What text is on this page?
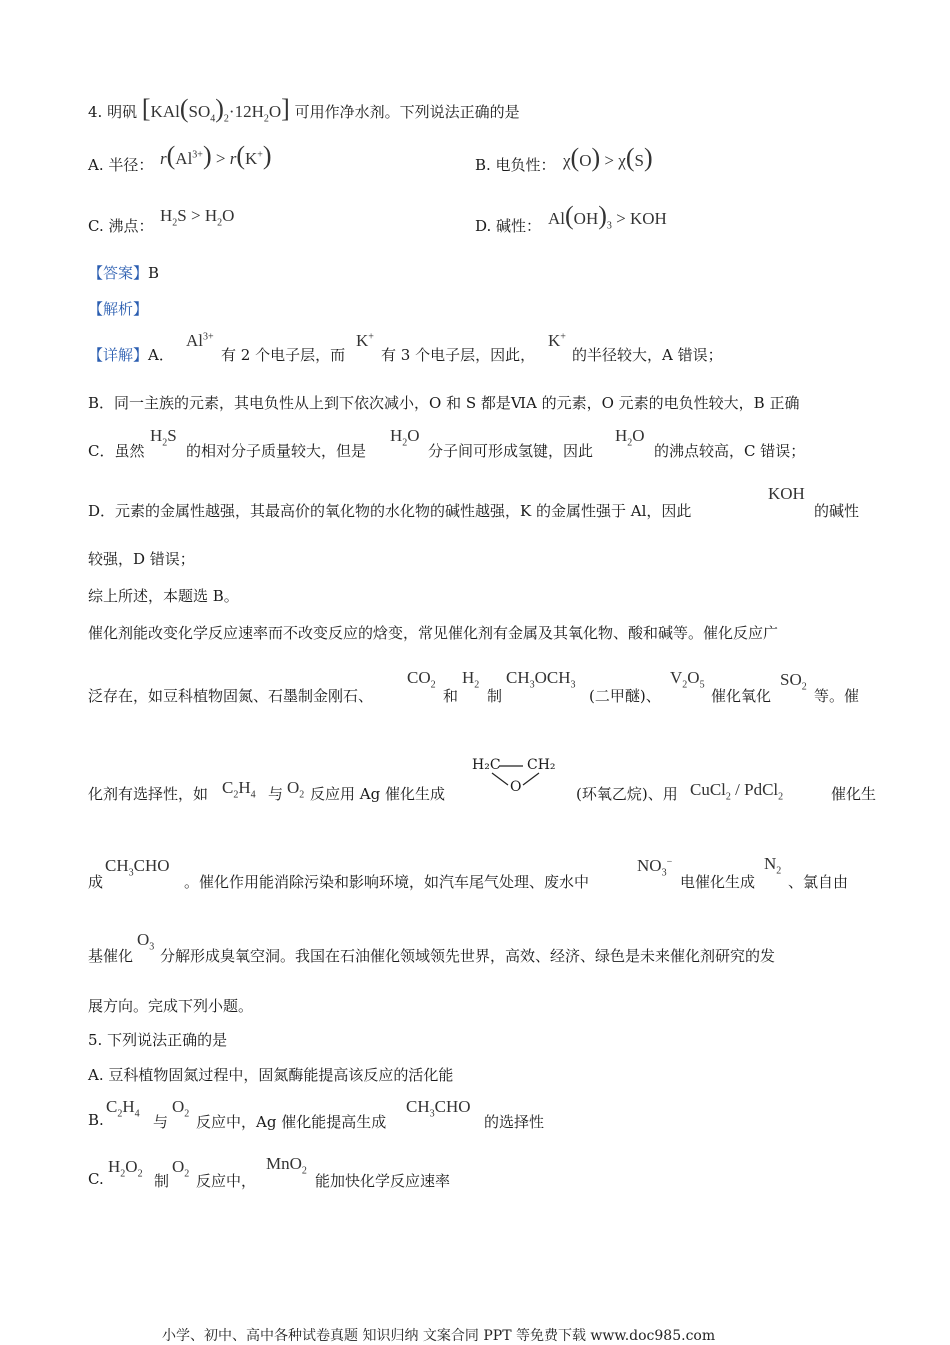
4. 明矾 $[KAl(SO_4)_2\cdot 12H_2O]$ 可用作净水剂。下列说法正确的是
A. 半径： $r(Al^{3+}) > r(K^+)$	B. 电负性： χ(O) > χ(S)
C. 沸点：
$H_2S > H_2O$
D. 碱性： $Al(OH)_3$ > KOH
【答案】B
【解析】
【详解】A．
$Al^{3+}$
有 2 个电子层，而
K+
有 3 个电子层，因此，
K+
的半径较大，A 错误；
B．同一主族的元素，其电负性从上到下依次减小，O 和 S 都是ⅥA 的元素，O 元素的电负性较大，B 正确
C．虽然
$H_2S$
的相对分子质量较大，但是
$H_2O$
分子间可形成氢键，因此
$H_2O$
的沸点较高，C 错误；
D．元素的金属性越强，其最高价的氧化物的水化物的碱性越强，K 的金属性强于 Al，因此
KOH
的碱性
较强，D 错误；
综上所述，本题选 B。
催化剂能改变化学反应速率而不改变反应的焓变，常见催化剂有金属及其氧化物、酸和碱等。催化反应广
泛存在，如豆科植物固氮、石墨制金刚石、
$CO_2$
和
$H_2$
制
$CH_3OCH_3$
(二甲醚)、
$V_2O_5$
催化氧化
$SO_2$
等。催
化剂有选择性，如 $C_2H_4$ 与 $O_2$ 反应用 Ag 催化生成
H₂C CH₂
O	(环氧乙烷)、用 CuCl$_2$ / PdCl$_2$	催化生
成
$CH_3CHO$
。催化作用能消除污染和影响环境，如汽车尾气处理、废水中
$NO_3^-$
电催化生成
$N_2$
、氯自由
基催化
$O_3$
分解形成臭氧空洞。我国在石油催化领域领先世界，高效、经济、绿色是未来催化剂研究的发
展方向。完成下列小题。
5. 下列说法正确的是
A. 豆科植物固氮过程中，固氮酶能提高该反应的活化能
B.
$C_2H_4$ 与
$O_2$ 反应中，Ag 催化能提高生成
$CH_3CHO$
的选择性
C.
$H_2O_2$ 制
$O_2$ 反应中，
MnO$_2$
能加快化学反应速率
小学、初中、高中各种试卷真题 知识归纳 文案合同 PPT 等免费下载 www.doc985.com
